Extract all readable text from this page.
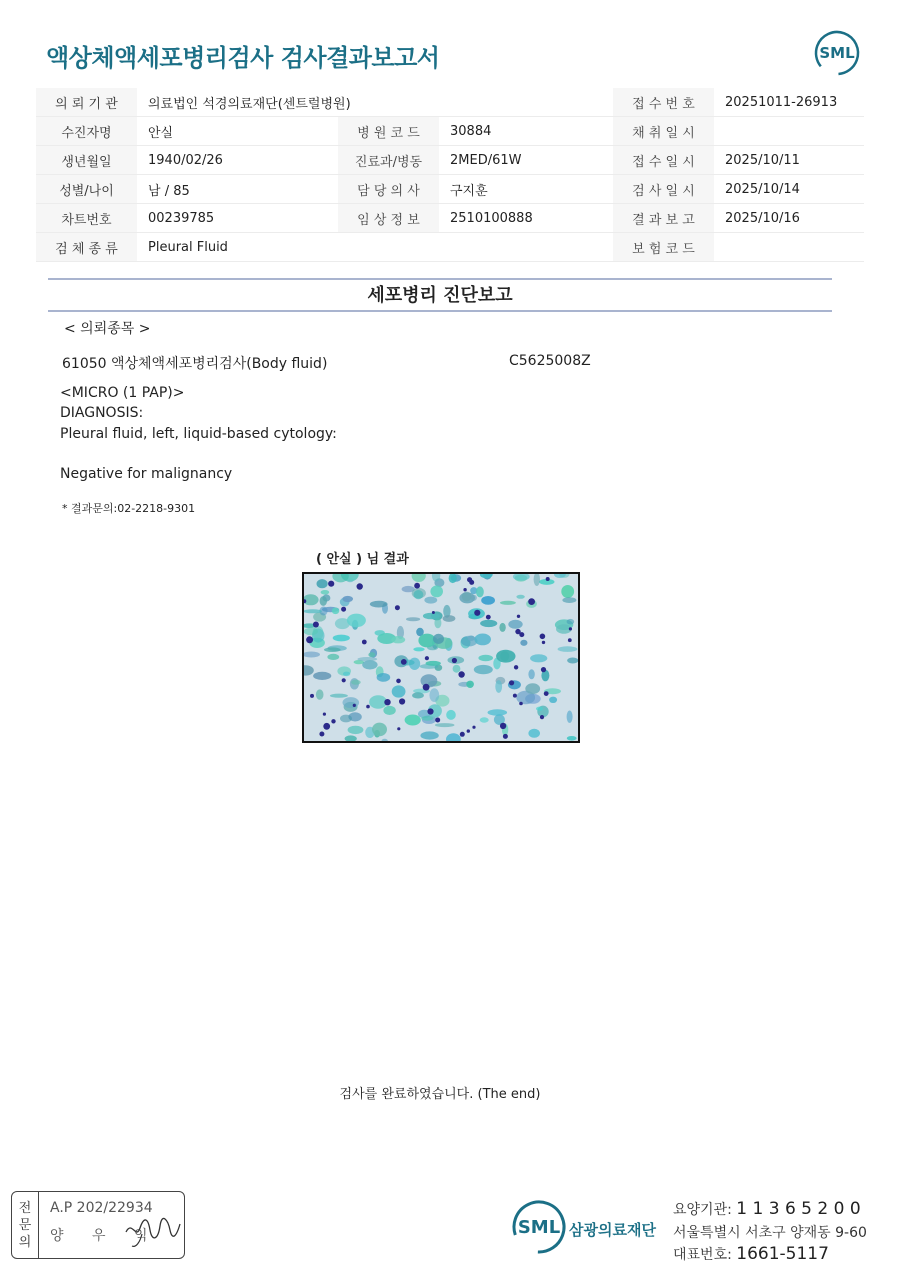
액상체액세포병리검사 검사결과보고서	SML
의 뢰 기 관	의료법인 석경의료재단(센트럴병원)			접 수 번 호	20251011-26913
수진자명	안실	병 원 코 드	30884	채 취 일 시	
생년월일	1940/02/26	진료과/병동	2MED/61W	접 수 일 시	2025/10/11
성별/나이	남 / 85	담 당 의 사	구지훈	검 사 일 시	2025/10/14
차트번호	00239785	임 상 정 보	2510100888	결 과 보 고	2025/10/16
검 체 종 류	Pleural Fluid			보 험 코 드	
세포병리 진단보고
< 의뢰종목 >
61050 액상체액세포병리검사(Body fluid)	C5625008Z
<MICRO (1 PAP)>
DIAGNOSIS:
Pleural fluid, left, liquid-based cytology:
Negative for malignancy
* 결과문의:02-2218-9301
( 안실 ) 님 결과
검사를 완료하였습니다. (The end)
전
문
의
A.P 202/22934
양 우 익	SML 삼광의료재단
요양기관: 1 1 3 6 5 2 0 0
서울특별시 서초구 양재동 9-60
대표번호: 1661-5117
